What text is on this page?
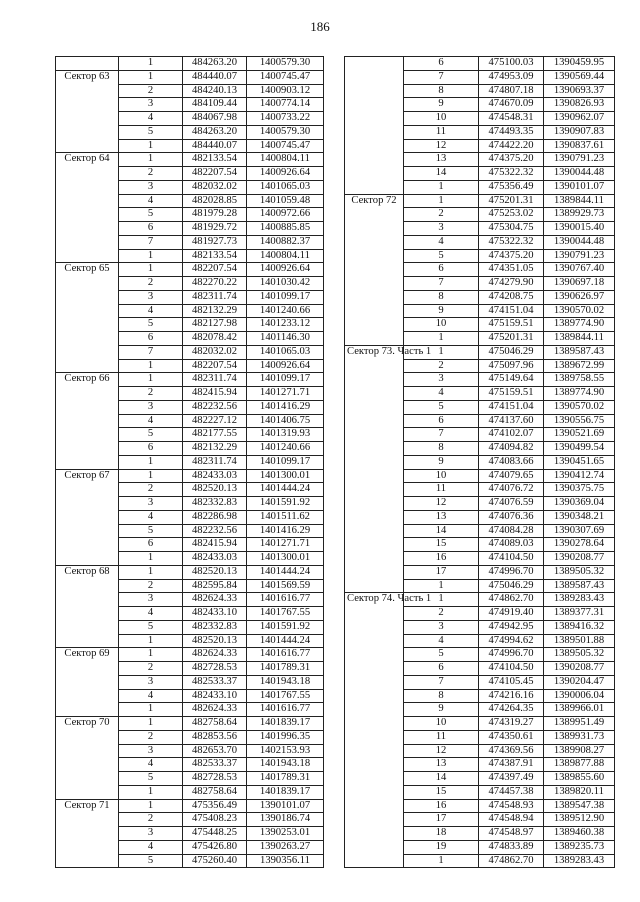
186
	1	484263.20	1400579.30
Сектор 63	1	484440.07	1400745.47
	2	484240.13	1400903.12
	3	484109.44	1400774.14
	4	484067.98	1400733.22
	5	484263.20	1400579.30
	1	484440.07	1400745.47
Сектор 64	1	482133.54	1400804.11
	2	482207.54	1400926.64
	3	482032.02	1401065.03
	4	482028.85	1401059.48
	5	481979.28	1400972.66
	6	481929.72	1400885.85
	7	481927.73	1400882.37
	1	482133.54	1400804.11
Сектор 65	1	482207.54	1400926.64
	2	482270.22	1401030.42
	3	482311.74	1401099.17
	4	482132.29	1401240.66
	5	482127.98	1401233.12
	6	482078.42	1401146.30
	7	482032.02	1401065.03
	1	482207.54	1400926.64
Сектор 66	1	482311.74	1401099.17
	2	482415.94	1401271.71
	3	482232.56	1401416.29
	4	482227.12	1401406.75
	5	482177.55	1401319.93
	6	482132.29	1401240.66
	1	482311.74	1401099.17
Сектор 67	1	482433.03	1401300.01
	2	482520.13	1401444.24
	3	482332.83	1401591.92
	4	482286.98	1401511.62
	5	482232.56	1401416.29
	6	482415.94	1401271.71
	1	482433.03	1401300.01
Сектор 68	1	482520.13	1401444.24
	2	482595.84	1401569.59
	3	482624.33	1401616.77
	4	482433.10	1401767.55
	5	482332.83	1401591.92
	1	482520.13	1401444.24
Сектор 69	1	482624.33	1401616.77
	2	482728.53	1401789.31
	3	482533.37	1401943.18
	4	482433.10	1401767.55
	1	482624.33	1401616.77
Сектор 70	1	482758.64	1401839.17
	2	482853.56	1401996.35
	3	482653.70	1402153.93
	4	482533.37	1401943.18
	5	482728.53	1401789.31
	1	482758.64	1401839.17
Сектор 71	1	475356.49	1390101.07
	2	475408.23	1390186.74
	3	475448.25	1390253.01
	4	475426.80	1390263.27
	5	475260.40	1390356.11
	6	475100.03	1390459.95
	7	474953.09	1390569.44
	8	474807.18	1390693.37
	9	474670.09	1390826.93
	10	474548.31	1390962.07
	11	474493.35	1390907.83
	12	474422.20	1390837.61
	13	474375.20	1390791.23
	14	475322.32	1390044.48
	1	475356.49	1390101.07
Сектор 72	1	475201.31	1389844.11
	2	475253.02	1389929.73
	3	475304.75	1390015.40
	4	475322.32	1390044.48
	5	474375.20	1390791.23
	6	474351.05	1390767.40
	7	474279.90	1390697.18
	8	474208.75	1390626.97
	9	474151.04	1390570.02
	10	475159.51	1389774.90
	1	475201.31	1389844.11
Сектор 73. Часть 1	1	475046.29	1389587.43
	2	475097.96	1389672.99
	3	475149.64	1389758.55
	4	475159.51	1389774.90
	5	474151.04	1390570.02
	6	474137.60	1390556.75
	7	474102.07	1390521.69
	8	474094.82	1390499.54
	9	474083.66	1390451.65
	10	474079.65	1390412.74
	11	474076.72	1390375.75
	12	474076.59	1390369.04
	13	474076.36	1390348.21
	14	474084.28	1390307.69
	15	474089.03	1390278.64
	16	474104.50	1390208.77
	17	474996.70	1389505.32
	1	475046.29	1389587.43
Сектор 74. Часть 1	1	474862.70	1389283.43
	2	474919.40	1389377.31
	3	474942.95	1389416.32
	4	474994.62	1389501.88
	5	474996.70	1389505.32
	6	474104.50	1390208.77
	7	474105.45	1390204.47
	8	474216.16	1390006.04
	9	474264.35	1389966.01
	10	474319.27	1389951.49
	11	474350.61	1389931.73
	12	474369.56	1389908.27
	13	474387.91	1389877.88
	14	474397.49	1389855.60
	15	474457.38	1389820.11
	16	474548.93	1389547.38
	17	474548.94	1389512.90
	18	474548.97	1389460.38
	19	474833.89	1389235.73
	1	474862.70	1389283.43
